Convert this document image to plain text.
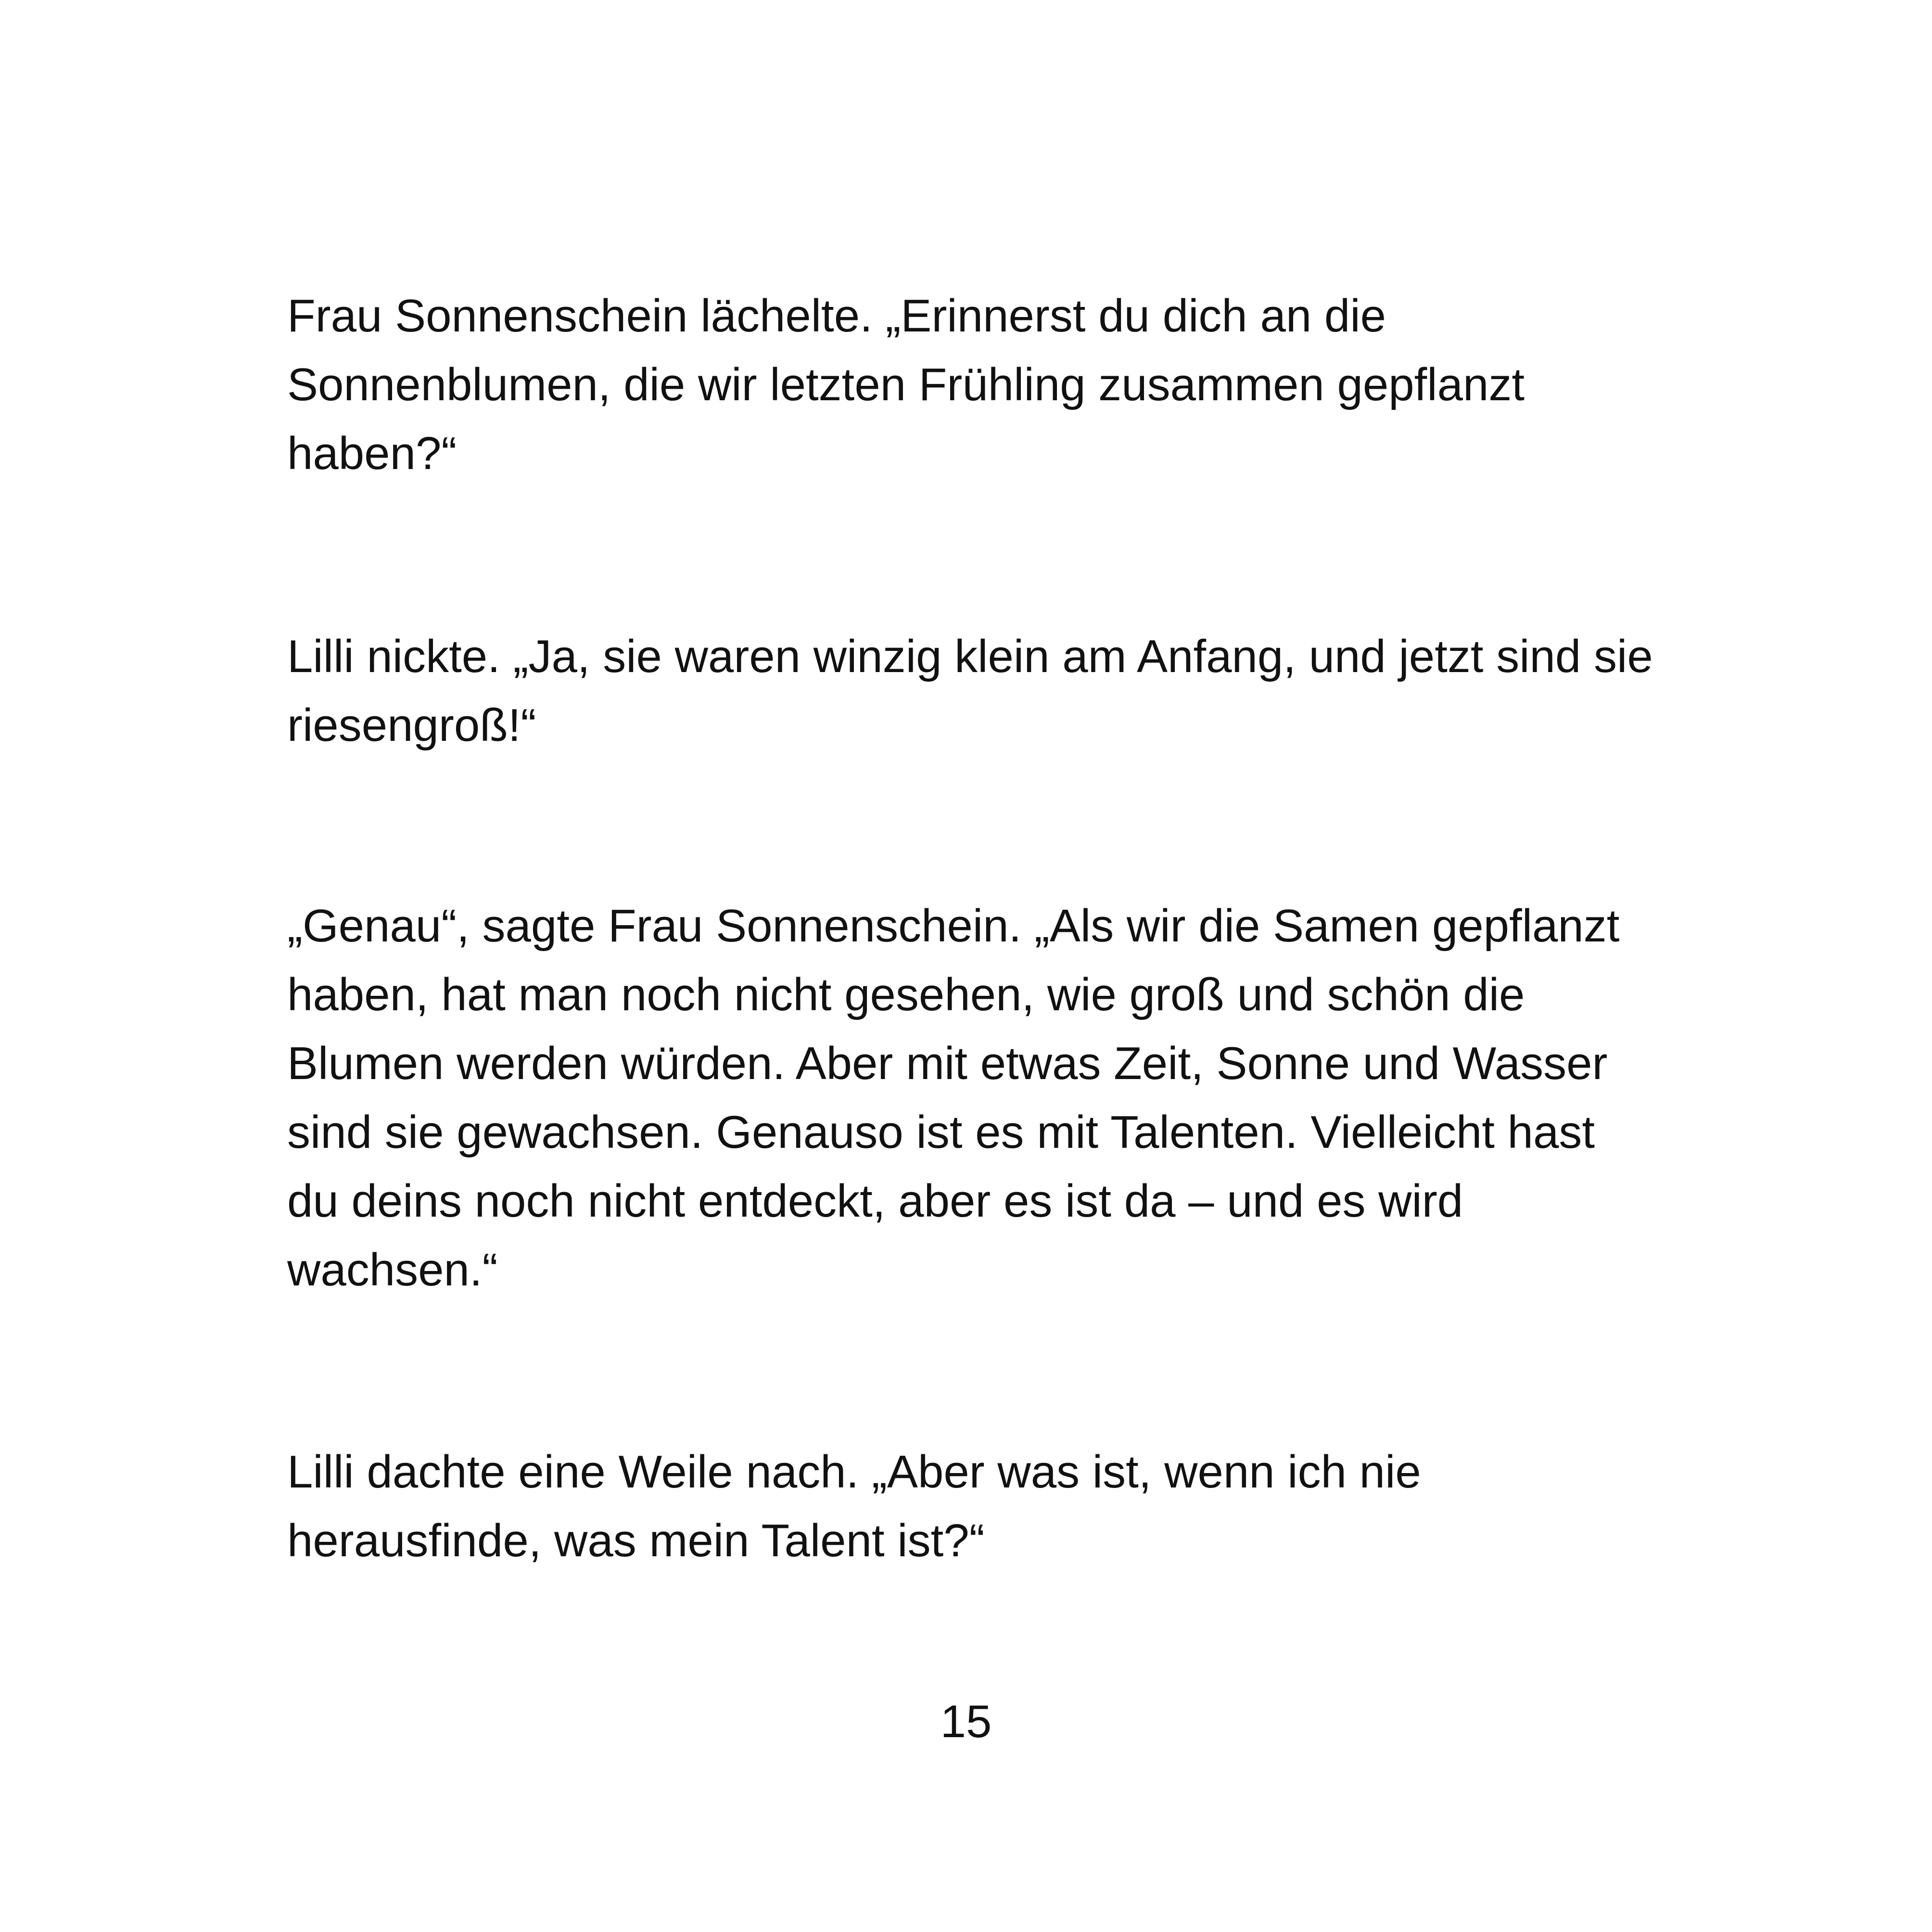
Frau Sonnenschein lächelte. „Erinnerst du dich an die
Sonnenblumen, die wir letzten Frühling zusammen gepflanzt
haben?“

Lilli nickte. „Ja, sie waren winzig klein am Anfang, und jetzt sind sie
riesengroß!“

„Genau“, sagte Frau Sonnenschein. „Als wir die Samen gepflanzt
haben, hat man noch nicht gesehen, wie groß und schön die
Blumen werden würden. Aber mit etwas Zeit, Sonne und Wasser
sind sie gewachsen. Genauso ist es mit Talenten. Vielleicht hast
du deins noch nicht entdeckt, aber es ist da – und es wird
wachsen.“

Lilli dachte eine Weile nach. „Aber was ist, wenn ich nie
herausfinde, was mein Talent ist?“

15
